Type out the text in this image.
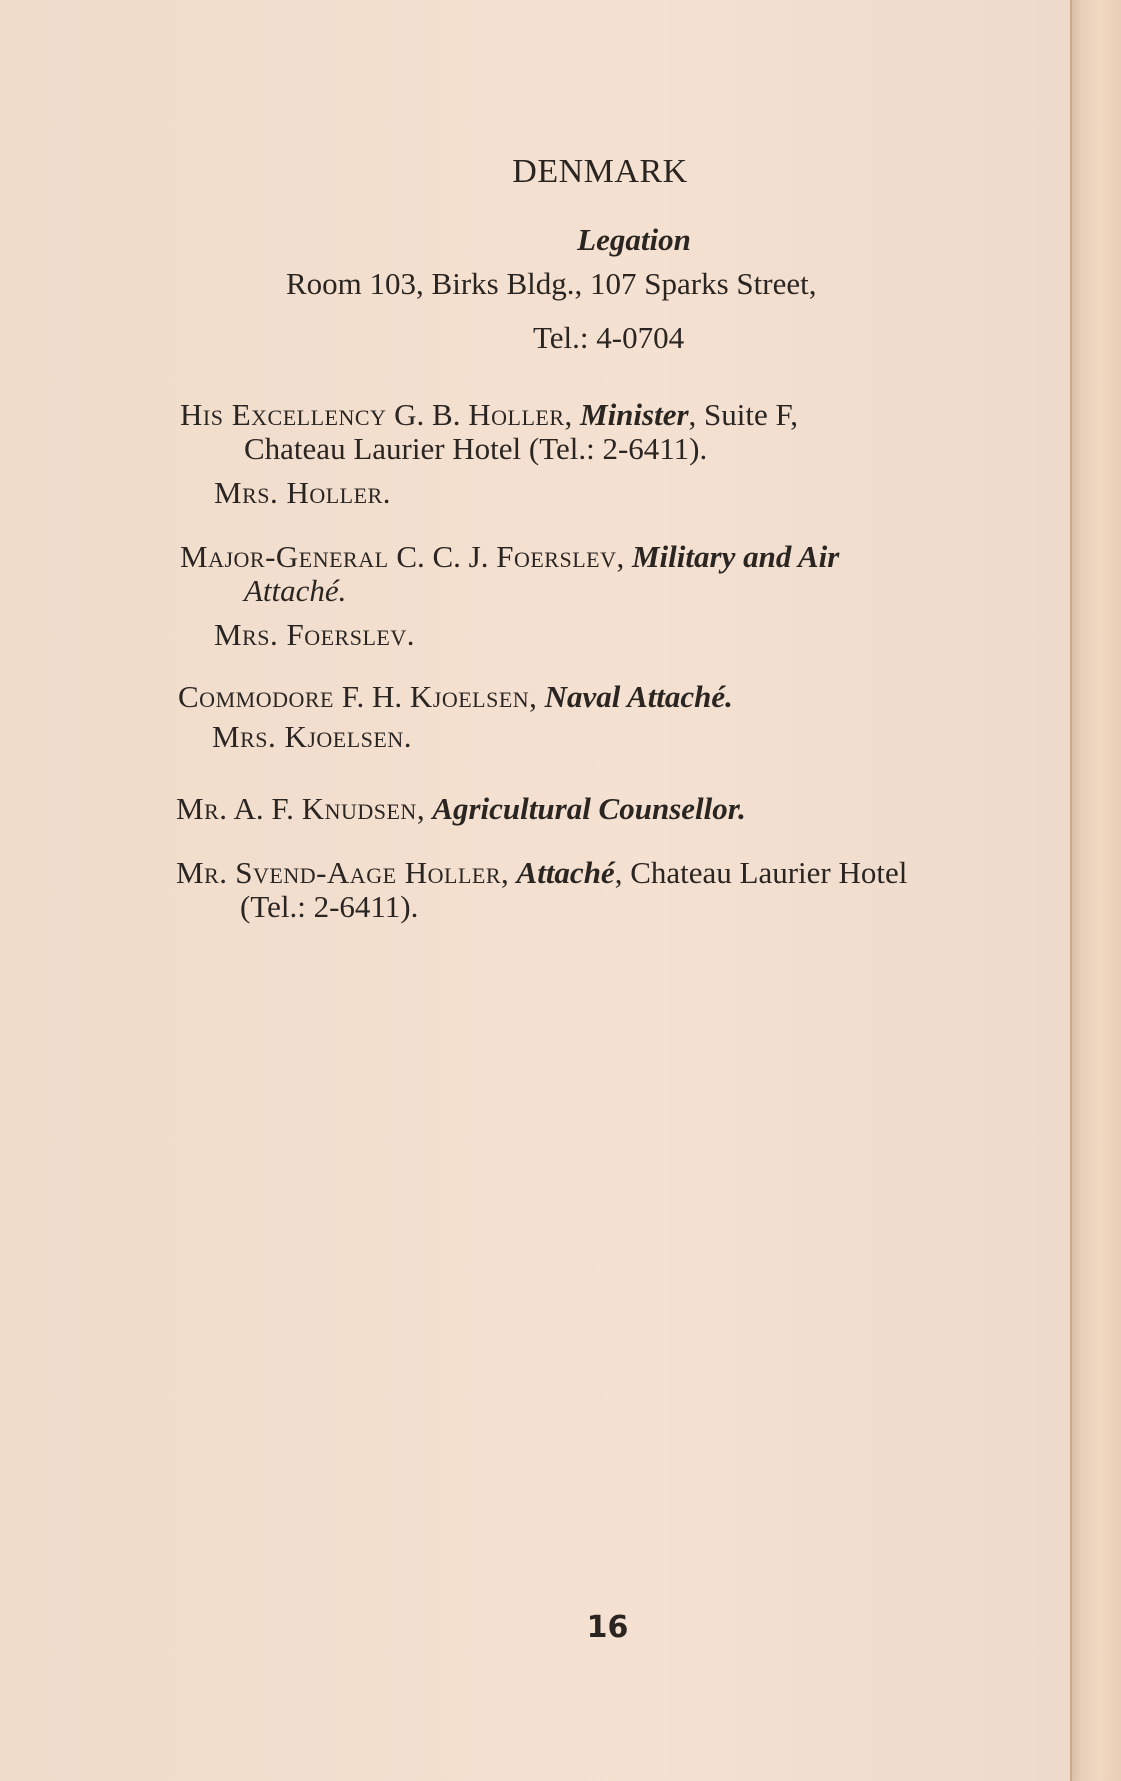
DENMARK
Legation
Room 103, Birks Bldg., 107 Sparks Street,
Tel.: 4-0704
His Excellency G. B. Holler, Minister, Suite F,
Chateau Laurier Hotel (Tel.: 2-6411).
Mrs. Holler.
Major-General C. C. J. Foerslev, Military and Air
Attaché.
Mrs. Foerslev.
Commodore F. H. Kjoelsen, Naval Attaché.
Mrs. Kjoelsen.
Mr. A. F. Knudsen, Agricultural Counsellor.
Mr. Svend-Aage Holler, Attaché, Chateau Laurier Hotel
(Tel.: 2-6411).
16
